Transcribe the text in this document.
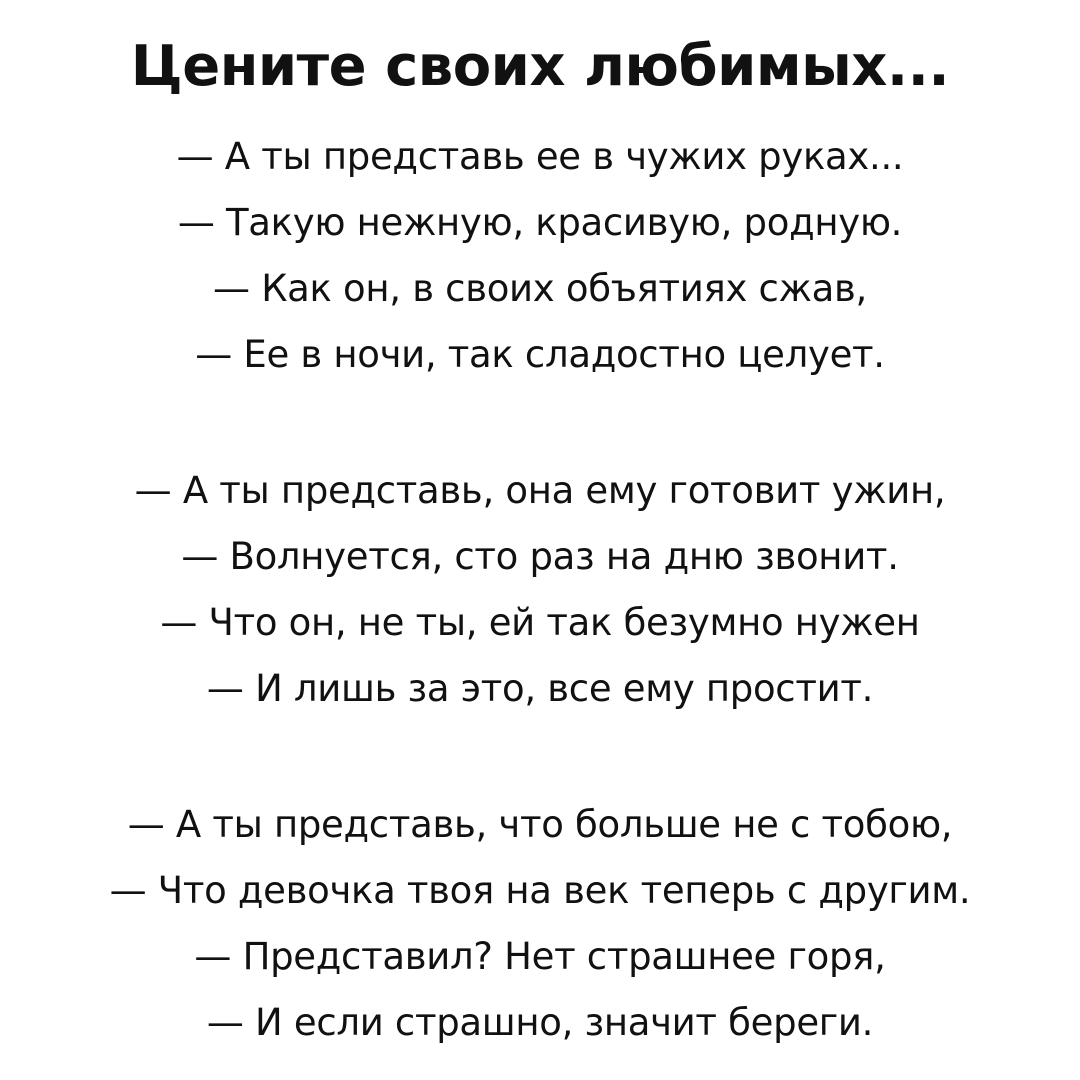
Цените своих любимых...
— А ты представь ее в чужих руках...
— Такую нежную, красивую, родную.
— Как он, в своих объятиях сжав,
— Ее в ночи, так сладостно целует.
— А ты представь, она ему готовит ужин,
— Волнуется, сто раз на дню звонит.
— Что он, не ты, ей так безумно нужен
— И лишь за это, все ему простит.
— А ты представь, что больше не с тобою,
— Что девочка твоя на век теперь с другим.
— Представил? Нет страшнее горя,
— И если страшно, значит береги.
